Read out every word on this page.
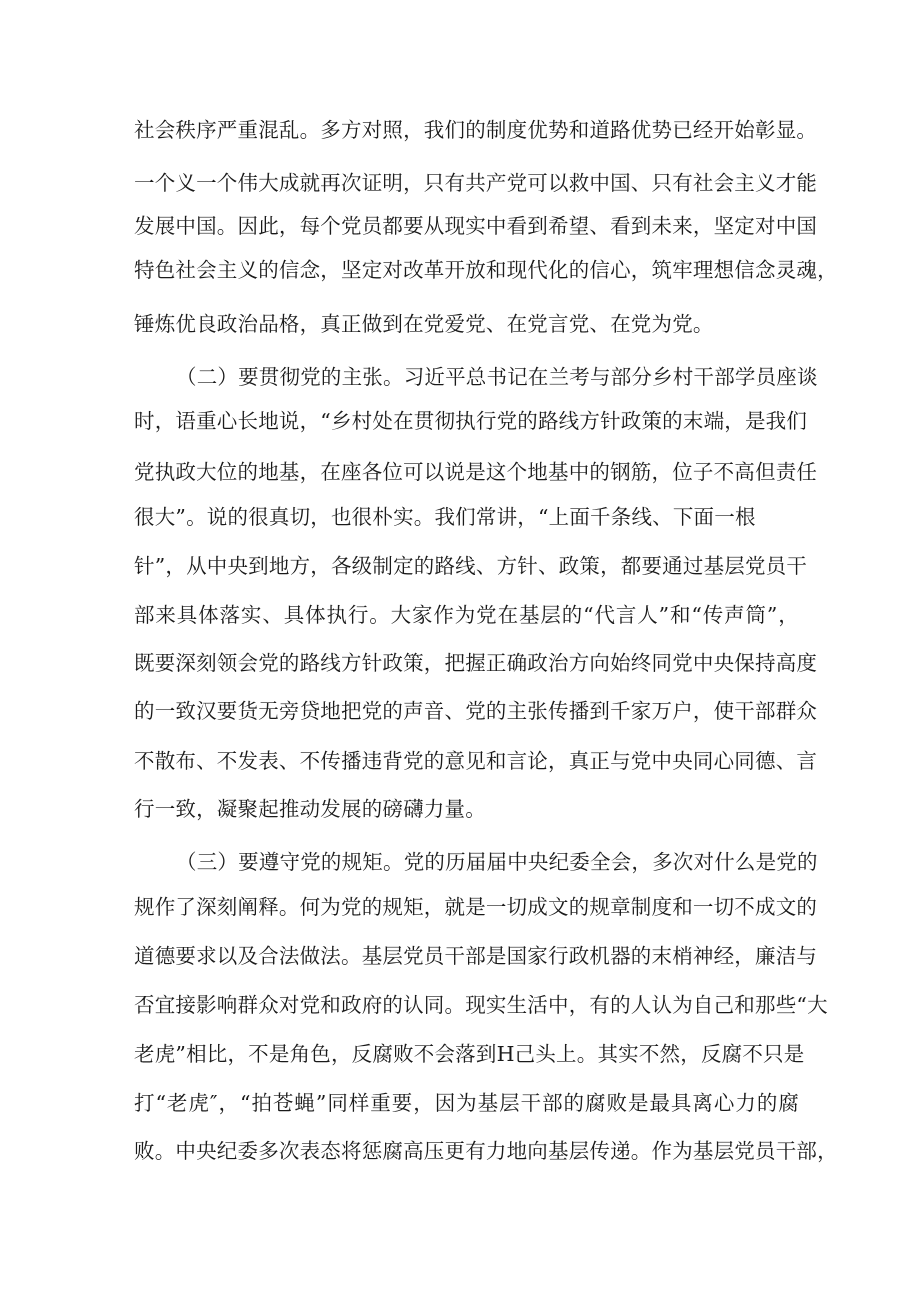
社会秩序严重混乱。多方对照，我们的制度优势和道路优势已经开始彰显。
一个义一个伟大成就再次证明，只有共产党可以救中国、只有社会主义才能
发展中国。因此，每个党员都要从现实中看到希望、看到未来，坚定对中国
特色社会主义的信念，坚定对改革开放和现代化的信心，筑牢理想信念灵魂，
锤炼优良政治品格，真正做到在党爱党、在党言党、在党为党。
（二）要贯彻党的主张。习近平总书记在兰考与部分乡村干部学员座谈
时，语重心长地说，“乡村处在贯彻执行党的路线方针政策的末端，是我们
党执政大位的地基，在座各位可以说是这个地基中的钢筋，位子不高但责任
很大”。说的很真切，也很朴实。我们常讲，“上面千条线、下面一根
针”，从中央到地方，各级制定的路线、方针、政策，都要通过基层党员干
部来具体落实、具体执行。大家作为党在基层的“代言人”和“传声筒”，
既要深刻领会党的路线方针政策，把握正确政治方向始终同党中央保持高度
的一致汉要货无旁贷地把党的声音、党的主张传播到千家万户，使干部群众
不散布、不发表、不传播违背党的意见和言论，真正与党中央同心同德、言
行一致，凝聚起推动发展的磅礴力量。
（三）要遵守党的规矩。党的历届届中央纪委全会，多次对什么是党的
规作了深刻阐释。何为党的规矩，就是一切成文的规章制度和一切不成文的
道德要求以及合法做法。基层党员干部是国家行政机器的末梢神经，廉洁与
否宜接影响群众对党和政府的认同。现实生活中，有的人认为自己和那些“大
老虎”相比，不是角色，反腐败不会落到H己头上。其实不然，反腐不只是
打“老虎″，“拍苍蝇”同样重要，因为基层干部的腐败是最具离心力的腐
败。中央纪委多次表态将惩腐高压更有力地向基层传递。作为基层党员干部，
